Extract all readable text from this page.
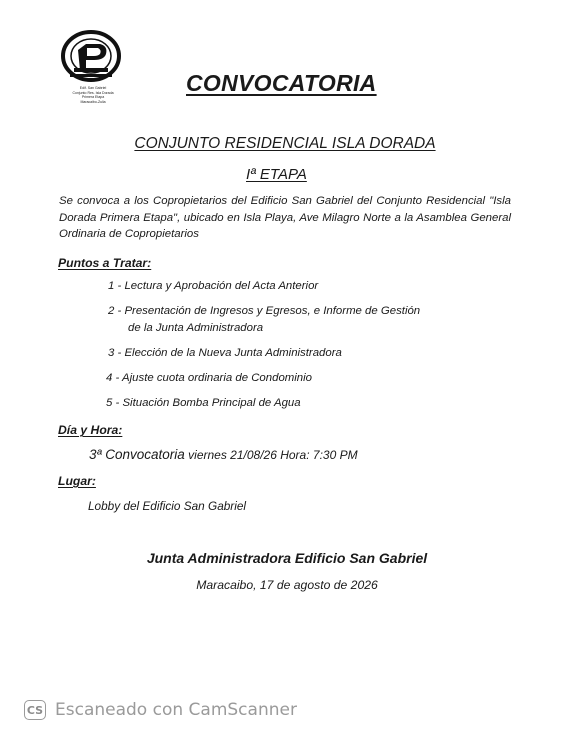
Edif. San Gabriel
Conjunto Res. Isla Dorada
Primera Etapa
Maracaibo-Zulia
CONVOCATORIA
CONJUNTO RESIDENCIAL ISLA DORADA
Iª ETAPA
Se convoca a los Copropietarios del Edificio San Gabriel del Conjunto Residencial "Isla Dorada Primera Etapa", ubicado en Isla Playa, Ave Milagro Norte a la Asamblea General Ordinaria de Copropietarios
Puntos a Tratar:
1 - Lectura y Aprobación del Acta Anterior
2 - Presentación de Ingresos y Egresos, e Informe de Gestión
de la Junta Administradora
3 - Elección de la Nueva Junta Administradora
4 - Ajuste cuota ordinaria de Condominio
5 - Situación Bomba Principal de Agua
Día y Hora:
3ª Convocatoria viernes 21/08/26 Hora: 7:30 PM
Lugar:
Lobby del Edificio San Gabriel
Junta Administradora Edificio San Gabriel
Maracaibo, 17 de agosto de 2026
CS Escaneado con CamScanner
